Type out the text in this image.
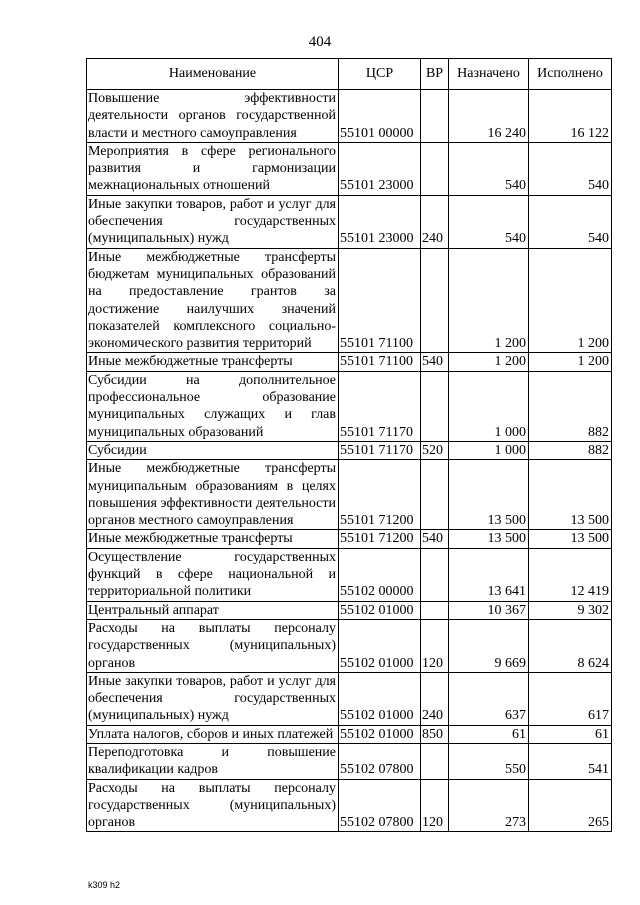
404
Наименование	ЦСР	ВР	Назначено	Исполнено
Повышение эффективности деятельности органов государственной власти и местного самоуправления	55101 00000		16 240	16 122
Мероприятия в сфере регионального развития и гармонизации межнациональных отношений	55101 23000		540	540
Иные закупки товаров, работ и услуг для обеспечения государственных (муниципальных) нужд	55101 23000	240	540	540
Иные межбюджетные трансферты бюджетам муниципальных образований на предоставление грантов за достижение наилучших значений показателей комплексного социально-экономического развития территорий	55101 71100		1 200	1 200
Иные межбюджетные трансферты	55101 71100	540	1 200	1 200
Субсидии на дополнительное профессиональное образование муниципальных служащих и глав муниципальных образований	55101 71170		1 000	882
Субсидии	55101 71170	520	1 000	882
Иные межбюджетные трансферты муниципальным образованиям в целях повышения эффективности деятельности органов местного самоуправления	55101 71200		13 500	13 500
Иные межбюджетные трансферты	55101 71200	540	13 500	13 500
Осуществление государственных функций в сфере национальной и территориальной политики	55102 00000		13 641	12 419
Центральный аппарат	55102 01000		10 367	9 302
Расходы на выплаты персоналу государственных (муниципальных) органов	55102 01000	120	9 669	8 624
Иные закупки товаров, работ и услуг для обеспечения государственных (муниципальных) нужд	55102 01000	240	637	617
Уплата налогов, сборов и иных платежей	55102 01000	850	61	61
Переподготовка и повышение квалификации кадров	55102 07800		550	541
Расходы на выплаты персоналу государственных (муниципальных) органов	55102 07800	120	273	265
k309 h2
